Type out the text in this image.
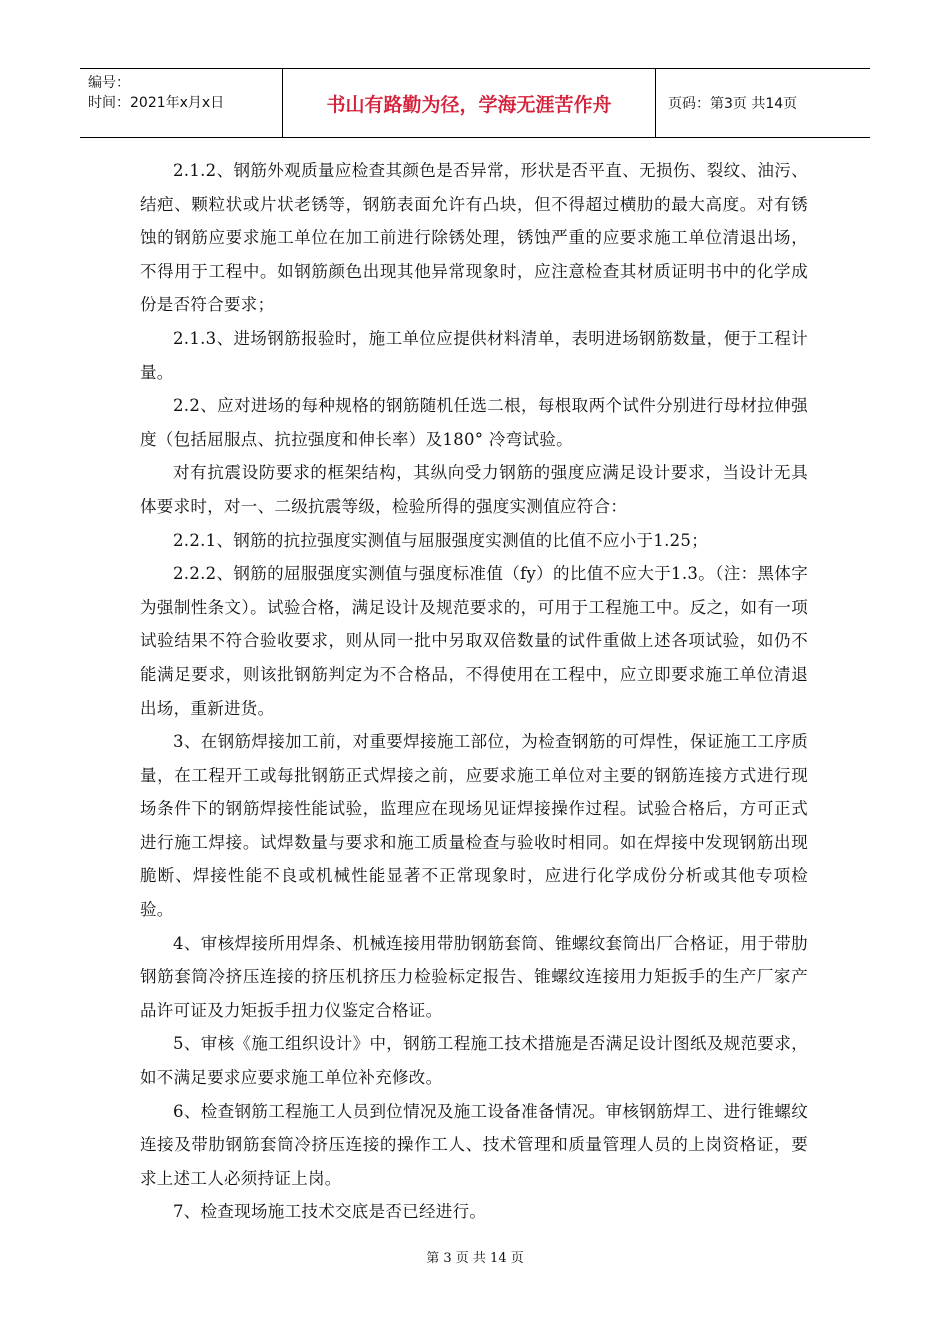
编号：
时间：2021年x月x日	书山有路勤为径，学海无涯苦作舟	页码：第3页 共14页

2.1.2、钢筋外观质量应检查其颜色是否异常，形状是否平直、无损伤、裂纹、油污、结疤、颗粒状或片状老锈等，钢筋表面允许有凸块，但不得超过横肋的最大高度。对有锈蚀的钢筋应要求施工单位在加工前进行除锈处理，锈蚀严重的应要求施工单位清退出场，不得用于工程中。如钢筋颜色出现其他异常现象时，应注意检查其材质证明书中的化学成份是否符合要求；

2.1.3、进场钢筋报验时，施工单位应提供材料清单，表明进场钢筋数量，便于工程计量。

2.2、应对进场的每种规格的钢筋随机任选二根，每根取两个试件分别进行母材拉伸强度（包括屈服点、抗拉强度和伸长率）及180° 冷弯试验。

对有抗震设防要求的框架结构，其纵向受力钢筋的强度应满足设计要求，当设计无具体要求时，对一、二级抗震等级，检验所得的强度实测值应符合：

2.2.1、钢筋的抗拉强度实测值与屈服强度实测值的比值不应小于1.25；

2.2.2、钢筋的屈服强度实测值与强度标准值（fy）的比值不应大于1.3。（注：黑体字为强制性条文）。试验合格，满足设计及规范要求的，可用于工程施工中。反之，如有一项试验结果不符合验收要求，则从同一批中另取双倍数量的试件重做上述各项试验，如仍不能满足要求，则该批钢筋判定为不合格品，不得使用在工程中，应立即要求施工单位清退出场，重新进货。

3、在钢筋焊接加工前，对重要焊接施工部位，为检查钢筋的可焊性，保证施工工序质量，在工程开工或每批钢筋正式焊接之前，应要求施工单位对主要的钢筋连接方式进行现场条件下的钢筋焊接性能试验，监理应在现场见证焊接操作过程。试验合格后，方可正式进行施工焊接。试焊数量与要求和施工质量检查与验收时相同。如在焊接中发现钢筋出现脆断、焊接性能不良或机械性能显著不正常现象时，应进行化学成份分析或其他专项检验。

4、审核焊接所用焊条、机械连接用带肋钢筋套筒、锥螺纹套筒出厂合格证，用于带肋钢筋套筒冷挤压连接的挤压机挤压力检验标定报告、锥螺纹连接用力矩扳手的生产厂家产品许可证及力矩扳手扭力仪鉴定合格证。

5、审核《施工组织设计》中，钢筋工程施工技术措施是否满足设计图纸及规范要求，如不满足要求应要求施工单位补充修改。

6、检查钢筋工程施工人员到位情况及施工设备准备情况。审核钢筋焊工、进行锥螺纹连接及带肋钢筋套筒冷挤压连接的操作工人、技术管理和质量管理人员的上岗资格证，要求上述工人必须持证上岗。

7、检查现场施工技术交底是否已经进行。

第 3 页 共 14 页
